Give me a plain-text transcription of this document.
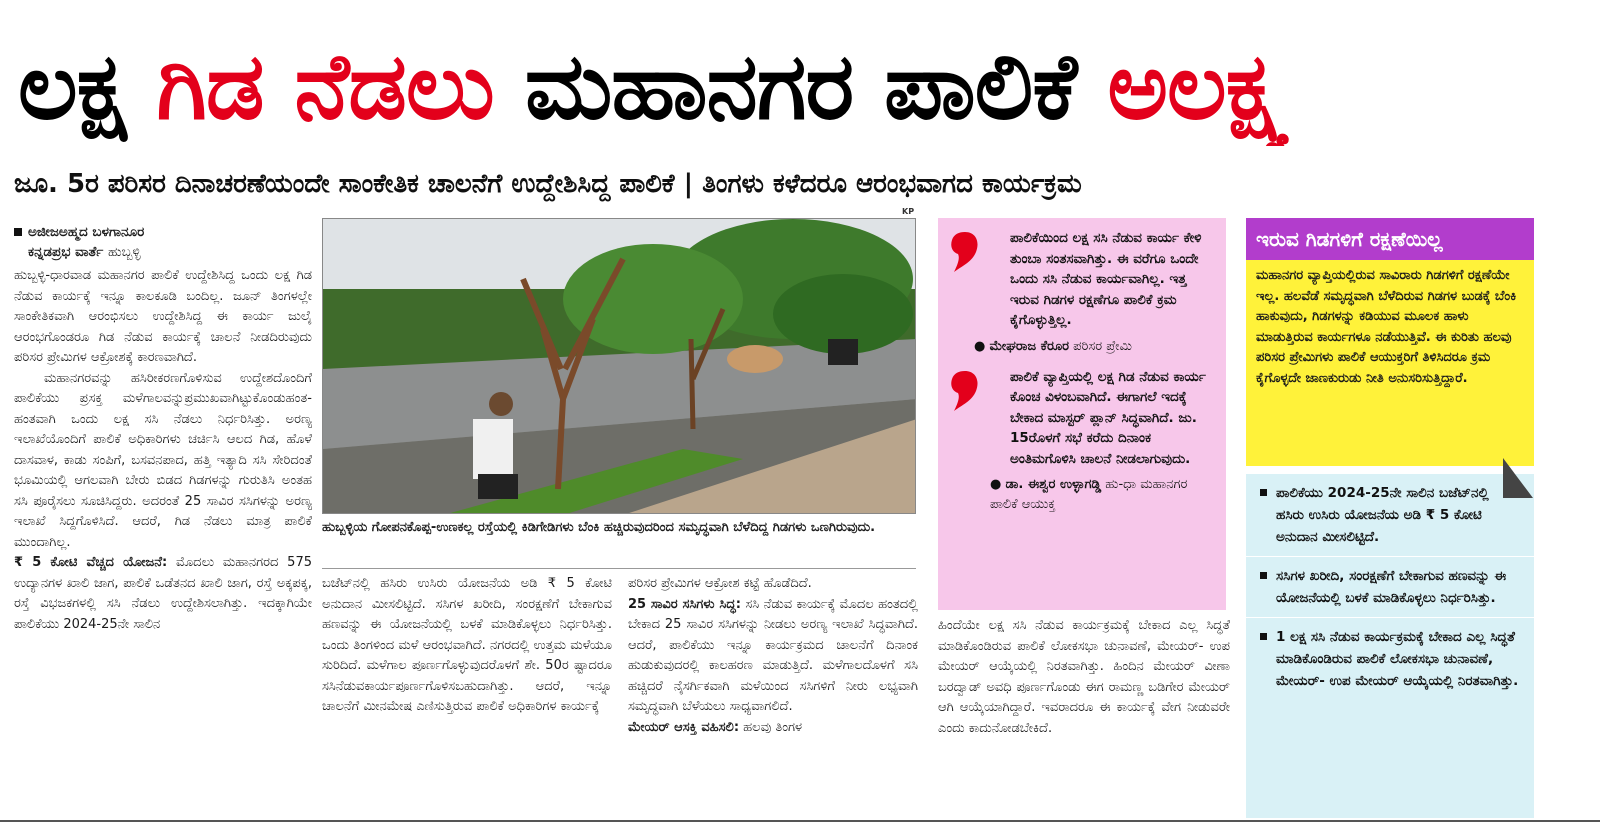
ಲಕ್ಷ ಗಿಡ ನೆಡಲು ಮಹಾನಗರ ಪಾಲಿಕೆ ಅಲಕ್ಷ್ಯ
ಜೂ. 5ರ ಪರಿಸರ ದಿನಾಚರಣೆಯಂದೇ ಸಾಂಕೇತಿಕ ಚಾಲನೆಗೆ ಉದ್ದೇಶಿಸಿದ್ದ ಪಾಲಿಕೆ | ತಿಂಗಳು ಕಳೆದರೂ ಆರಂಭವಾಗದ ಕಾರ್ಯಕ್ರಮ
ಅಜೀಜಅಹ್ಮದ ಬಳಗಾನೂರ
ಕನ್ನಡಪ್ರಭ ವಾರ್ತೆ ಹುಬ್ಬಳ್ಳಿ

ಹುಬ್ಬಳ್ಳಿ-ಧಾರವಾಡ ಮಹಾನಗರ ಪಾಲಿಕೆ ಉದ್ದೇಶಿಸಿದ್ದ ಒಂದು ಲಕ್ಷ ಗಿಡ ನೆಡುವ ಕಾರ್ಯಕ್ಕೆ ಇನ್ನೂ ಕಾಲಕೂಡಿ ಬಂದಿಲ್ಲ. ಜೂನ್ ತಿಂಗಳಲ್ಲೇ ಸಾಂಕೇತಿಕವಾಗಿ ಆರಂಭಿಸಲು ಉದ್ದೇಶಿಸಿದ್ದ ಈ ಕಾರ್ಯ ಜುಲೈ ಆರಂಭಗೊಂಡರೂ ಗಿಡ ನೆಡುವ ಕಾರ್ಯಕ್ಕೆ ಚಾಲನೆ ನೀಡದಿರುವುದು ಪರಿಸರ ಪ್ರೇಮಿಗಳ ಆಕ್ರೋಶಕ್ಕೆ ಕಾರಣವಾಗಿದೆ.

ಮಹಾನಗರವನ್ನು ಹಸಿರೀಕರಣಗೊಳಿಸುವ ಉದ್ದೇಶದೊಂದಿಗೆ ಪಾಲಿಕೆಯು ಪ್ರಸಕ್ತ ಮಳೆಗಾಲವನ್ನುಪ್ರಮುಖವಾಗಿಟ್ಟುಕೊಂಡುಹಂತ-ಹಂತವಾಗಿ ಒಂದು ಲಕ್ಷ ಸಸಿ ನೆಡಲು ನಿರ್ಧರಿಸಿತ್ತು. ಅರಣ್ಯ ಇಲಾಖೆಯೊಂದಿಗೆ ಪಾಲಿಕೆ ಅಧಿಕಾರಿಗಳು ಚರ್ಚಿಸಿ ಆಲದ ಗಿಡ, ಹೊಳೆ ದಾಸವಾಳ, ಕಾಡು ಸಂಪಿಗೆ, ಬಸವನಪಾದ, ಹತ್ತಿ ಇತ್ಯಾದಿ ಸಸಿ ಸೇರಿದಂತೆ ಭೂಮಿಯಲ್ಲಿ ಆಗಲವಾಗಿ ಬೇರು ಬಿಡದ ಗಿಡಗಳನ್ನು ಗುರುತಿಸಿ ಅಂತಹ ಸಸಿ ಪೂರೈಸಲು ಸೂಚಿಸಿದ್ದರು. ಅದರಂತೆ 25 ಸಾವಿರ ಸಸಿಗಳನ್ನು ಅರಣ್ಯ ಇಲಾಖೆ ಸಿದ್ದಗೊಳಿಸಿದೆ. ಆದರೆ, ಗಿಡ ನೆಡಲು ಮಾತ್ರ ಪಾಲಿಕೆ ಮುಂದಾಗಿಲ್ಲ.

₹ 5 ಕೋಟಿ ವೆಚ್ಚದ ಯೋಜನೆ: ಮೊದಲು ಮಹಾನಗರದ 575 ಉದ್ಯಾನಗಳ ಖಾಲಿ ಜಾಗ, ಪಾಲಿಕೆ ಒಡೆತನದ ಖಾಲಿ ಜಾಗ, ರಸ್ತೆ ಅಕ್ಕಪಕ್ಕ, ರಸ್ತೆ ವಿಭಜಕಗಳಲ್ಲಿ ಸಸಿ ನೆಡಲು ಉದ್ದೇಶಿಸಲಾಗಿತ್ತು. ಇದಕ್ಕಾಗಿಯೇ ಪಾಲಿಕೆಯು 2024-25ನೇ ಸಾಲಿನ

KP
ಹುಬ್ಬಳ್ಳಿಯ ಗೋಪನಕೊಪ್ಪ-ಉಣಕಲ್ಲ ರಸ್ತೆಯಲ್ಲಿ ಕಿಡಿಗೇಡಿಗಳು ಬೆಂಕಿ ಹಚ್ಚಿರುವುದರಿಂದ ಸಮೃದ್ಧವಾಗಿ ಬೆಳೆದಿದ್ದ ಗಿಡಗಳು ಒಣಗಿರುವುದು.

ಬಜೆಟ್‌ನಲ್ಲಿ ಹಸಿರು ಉಸಿರು ಯೋಜನೆಯ ಅಡಿ ₹ 5 ಕೋಟಿ ಅನುದಾನ ಮೀಸಲಿಟ್ಟಿದೆ. ಸಸಿಗಳ ಖರೀದಿ, ಸಂರಕ್ಷಣೆಗೆ ಬೇಕಾಗುವ ಹಣವನ್ನು ಈ ಯೋಜನೆಯಲ್ಲಿ ಬಳಕೆ ಮಾಡಿಕೊಳ್ಳಲು ನಿರ್ಧರಿಸಿತ್ತು. ಒಂದು ತಿಂಗಳಿಂದ ಮಳೆ ಆರಂಭವಾಗಿದೆ. ನಗರದಲ್ಲಿ ಉತ್ತಮ ಮಳೆಯೂ ಸುರಿದಿದೆ. ಮಳೆಗಾಲ ಪೂರ್ಣಗೊಳ್ಳುವುದರೊಳಗೆ ಶೇ. 50ರ ಷ್ಟಾದರೂ ಸಸಿನೆಡುವಕಾರ್ಯಪೂರ್ಣಗೊಳಿಸಬಹುದಾಗಿತ್ತು. ಆದರೆ, ಇನ್ನೂ ಚಾಲನೆಗೆ ಮೀನಮೇಷ ಎಣಿಸುತ್ತಿರುವ ಪಾಲಿಕೆ ಅಧಿಕಾರಿಗಳ ಕಾರ್ಯಕ್ಕೆ

ಪರಿಸರ ಪ್ರೇಮಿಗಳ ಆಕ್ರೋಶ ಕಟ್ಟೆ ಹೊಡೆದಿದೆ.

25 ಸಾವಿರ ಸಸಿಗಳು ಸಿದ್ಧ: ಸಸಿ ನೆಡುವ ಕಾರ್ಯಕ್ಕೆ ಮೊದಲ ಹಂತದಲ್ಲಿ ಬೇಕಾದ 25 ಸಾವಿರ ಸಸಿಗಳನ್ನು ನೀಡಲು ಅರಣ್ಯ ಇಲಾಖೆ ಸಿದ್ಧವಾಗಿದೆ. ಆದರೆ, ಪಾಲಿಕೆಯು ಇನ್ನೂ ಕಾರ್ಯಕ್ರಮದ ಚಾಲನೆಗೆ ದಿನಾಂಕ ಹುಡುಕುವುದರಲ್ಲಿ ಕಾಲಹರಣ ಮಾಡುತ್ತಿದೆ. ಮಳೆಗಾಲದೊಳಗೆ ಸಸಿ ಹಚ್ಚಿದರೆ ನೈಸರ್ಗಿಕವಾಗಿ ಮಳೆಯಿಂದ ಸಸಿಗಳಿಗೆ ನೀರು ಲಭ್ಯವಾಗಿ ಸಮೃದ್ಧವಾಗಿ ಬೆಳೆಯಲು ಸಾಧ್ಯವಾಗಲಿದೆ.

ಮೇಯರ್ ಆಸಕ್ತಿ ವಹಿಸಲಿ: ಹಲವು ತಿಂಗಳ

ಪಾಲಿಕೆಯಿಂದ ಲಕ್ಷ ಸಸಿ ನೆಡುವ ಕಾರ್ಯ ಕೇಳಿ ತುಂಬಾ ಸಂತಸವಾಗಿತ್ತು. ಈ ವರೆಗೂ ಒಂದೇ ಒಂದು ಸಸಿ ನೆಡುವ ಕಾರ್ಯವಾಗಿಲ್ಲ. ಇತ್ತ ಇರುವ ಗಿಡಗಳ ರಕ್ಷಣೆಗೂ ಪಾಲಿಕೆ ಕ್ರಮ ಕೈಗೊಳ್ಳುತ್ತಿಲ್ಲ.
● ಮೇಘರಾಜ ಕೆರೂರ ಪರಿಸರ ಪ್ರೇಮಿ
ಪಾಲಿಕೆ ವ್ಯಾಪ್ತಿಯಲ್ಲಿ ಲಕ್ಷ ಗಿಡ ನೆಡುವ ಕಾರ್ಯ ಕೊಂಚ ವಿಳಂಬವಾಗಿದೆ. ಈಗಾಗಲೆ ಇದಕ್ಕೆ ಬೇಕಾದ ಮಾಸ್ಟರ್ ಪ್ಲಾನ್ ಸಿದ್ಧವಾಗಿದೆ. ಜು. 15ರೊಳಗೆ ಸಭೆ ಕರೆದು ದಿನಾಂಕ ಅಂತಿಮಗೊಳಿಸಿ ಚಾಲನೆ ನೀಡಲಾಗುವುದು.
● ಡಾ. ಈಶ್ವರ ಉಳ್ಳಾಗಡ್ಡಿ ಹು-ಧಾ ಮಹಾನಗರ ಪಾಲಿಕೆ ಆಯುಕ್ತ

ಹಿಂದೆಯೇ ಲಕ್ಷ ಸಸಿ ನೆಡುವ ಕಾರ್ಯಕ್ರಮಕ್ಕೆ ಬೇಕಾದ ಎಲ್ಲ ಸಿದ್ಧತೆ ಮಾಡಿಕೊಂಡಿರುವ ಪಾಲಿಕೆ ಲೋಕಸಭಾ ಚುನಾವಣೆ, ಮೇಯರ್- ಉಪ ಮೇಯರ್ ಆಯ್ಕೆಯಲ್ಲಿ ನಿರತವಾಗಿತ್ತು. ಹಿಂದಿನ ಮೇಯರ್ ವೀಣಾ ಬರದ್ವಾಡ್ ಅವಧಿ ಪೂರ್ಣಗೊಂಡು ಈಗ ರಾಮಣ್ಣ ಬಡಿಗೇರ ಮೇಯರ್ ಆಗಿ ಆಯ್ಕೆಯಾಗಿದ್ದಾರೆ. ಇವರಾದರೂ ಈ ಕಾರ್ಯಕ್ಕೆ ವೇಗ ನೀಡುವರೇ ಎಂದು ಕಾದುನೋಡಬೇಕಿದೆ.

ಇರುವ ಗಿಡಗಳಿಗೆ ರಕ್ಷಣೆಯಿಲ್ಲ
ಮಹಾನಗರ ವ್ಯಾಪ್ತಿಯಲ್ಲಿರುವ ಸಾವಿರಾರು ಗಿಡಗಳಿಗೆ ರಕ್ಷಣೆಯೇ ಇಲ್ಲ. ಹಲವೆಡೆ ಸಮೃದ್ಧವಾಗಿ ಬೆಳೆದಿರುವ ಗಿಡಗಳ ಬುಡಕ್ಕೆ ಬೆಂಕಿ ಹಾಕುವುದು, ಗಿಡಗಳನ್ನು ಕಡಿಯುವ ಮೂಲಕ ಹಾಳು ಮಾಡುತ್ತಿರುವ ಕಾರ್ಯಗಳೂ ನಡೆಯುತ್ತಿವೆ. ಈ ಕುರಿತು ಹಲವು ಪರಿಸರ ಪ್ರೇಮಿಗಳು ಪಾಲಿಕೆ ಆಯುಕ್ತರಿಗೆ ತಿಳಿಸಿದರೂ ಕ್ರಮ ಕೈಗೊಳ್ಳದೇ ಜಾಣಕುರುಡು ನೀತಿ ಅನುಸರಿಸುತ್ತಿದ್ದಾರೆ.
ಪಾಲಿಕೆಯು 2024-25ನೇ ಸಾಲಿನ ಬಜೆಟ್‌ನಲ್ಲಿ ಹಸಿರು ಉಸಿರು ಯೋಜನೆಯ ಅಡಿ ₹ 5 ಕೋಟಿ ಅನುದಾನ ಮೀಸಲಿಟ್ಟಿದೆ.
ಸಸಿಗಳ ಖರೀದಿ, ಸಂರಕ್ಷಣೆಗೆ ಬೇಕಾಗುವ ಹಣವನ್ನು ಈ ಯೋಜನೆಯಲ್ಲಿ ಬಳಕೆ ಮಾಡಿಕೊಳ್ಳಲು ನಿರ್ಧರಿಸಿತ್ತು.
1 ಲಕ್ಷ ಸಸಿ ನೆಡುವ ಕಾರ್ಯಕ್ರಮಕ್ಕೆ ಬೇಕಾದ ಎಲ್ಲ ಸಿದ್ಧತೆ ಮಾಡಿಕೊಂಡಿರುವ ಪಾಲಿಕೆ ಲೋಕಸಭಾ ಚುನಾವಣೆ, ಮೇಯರ್- ಉಪ ಮೇಯರ್ ಆಯ್ಕೆಯಲ್ಲಿ ನಿರತವಾಗಿತ್ತು.
